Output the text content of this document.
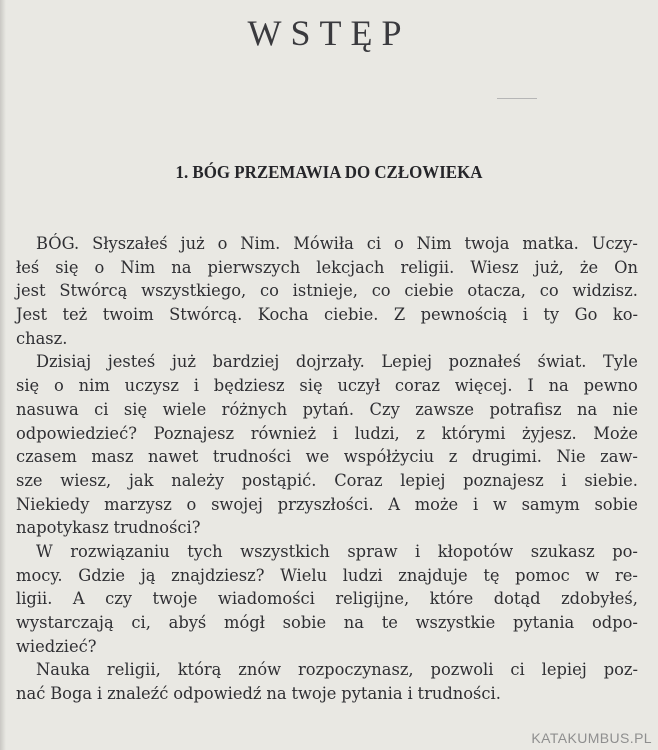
WSTĘP
1. BÓG PRZEMAWIA DO CZŁOWIEKA
BÓG. Słyszałeś już o Nim. Mówiła ci o Nim twoja matka. Uczy-
łeś się o Nim na pierwszych lekcjach religii. Wiesz już, że On
jest Stwórcą wszystkiego, co istnieje, co ciebie otacza, co widzisz.
Jest też twoim Stwórcą. Kocha ciebie. Z pewnością i ty Go ko-
chasz.
Dzisiaj jesteś już bardziej dojrzały. Lepiej poznałeś świat. Tyle
się o nim uczysz i będziesz się uczył coraz więcej. I na pewno
nasuwa ci się wiele różnych pytań. Czy zawsze potrafisz na nie
odpowiedzieć? Poznajesz również i ludzi, z którymi żyjesz. Może
czasem masz nawet trudności we współżyciu z drugimi. Nie zaw-
sze wiesz, jak należy postąpić. Coraz lepiej poznajesz i siebie.
Niekiedy marzysz o swojej przyszłości. A może i w samym sobie
napotykasz trudności?
W rozwiązaniu tych wszystkich spraw i kłopotów szukasz po-
mocy. Gdzie ją znajdziesz? Wielu ludzi znajduje tę pomoc w re-
ligii. A czy twoje wiadomości religijne, które dotąd zdobyłeś,
wystarczają ci, abyś mógł sobie na te wszystkie pytania odpo-
wiedzieć?
Nauka religii, którą znów rozpoczynasz, pozwoli ci lepiej poz-
nać Boga i znaleźć odpowiedź na twoje pytania i trudności.
KATAKUMBUS.PL
